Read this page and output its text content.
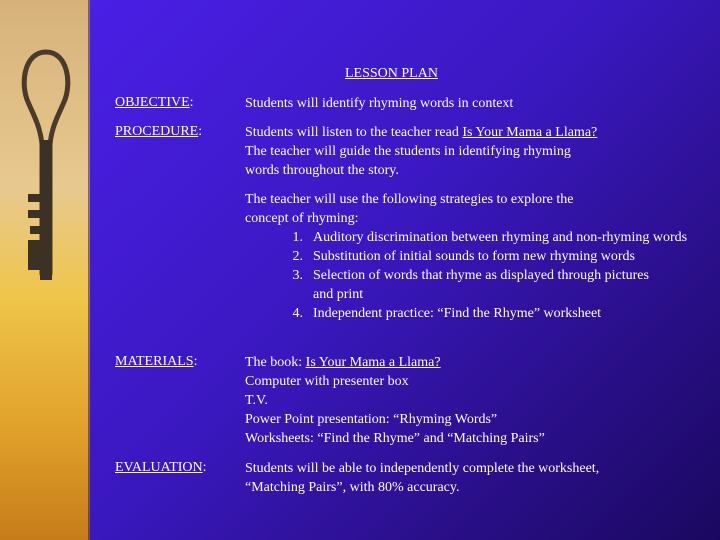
LESSON PLAN
OBJECTIVE:	Students will identify rhyming words in context
PROCEDURE:	Students will listen to the teacher read Is Your Mama a Llama?
The teacher will guide the students in identifying rhyming
words throughout the story.
The teacher will use the following strategies to explore the
concept of rhyming:
1. Auditory discrimination between rhyming and non-rhyming words
2. Substitution of initial sounds to form new rhyming words
3. Selection of words that rhyme as displayed through pictures and print
4. Independent practice: “Find the Rhyme” worksheet
MATERIALS:	The book: Is Your Mama a Llama?
Computer with presenter box
T.V.
Power Point presentation: “Rhyming Words”
Worksheets: “Find the Rhyme” and “Matching Pairs”
EVALUATION:	Students will be able to independently complete the worksheet,
“Matching Pairs”, with 80% accuracy.
